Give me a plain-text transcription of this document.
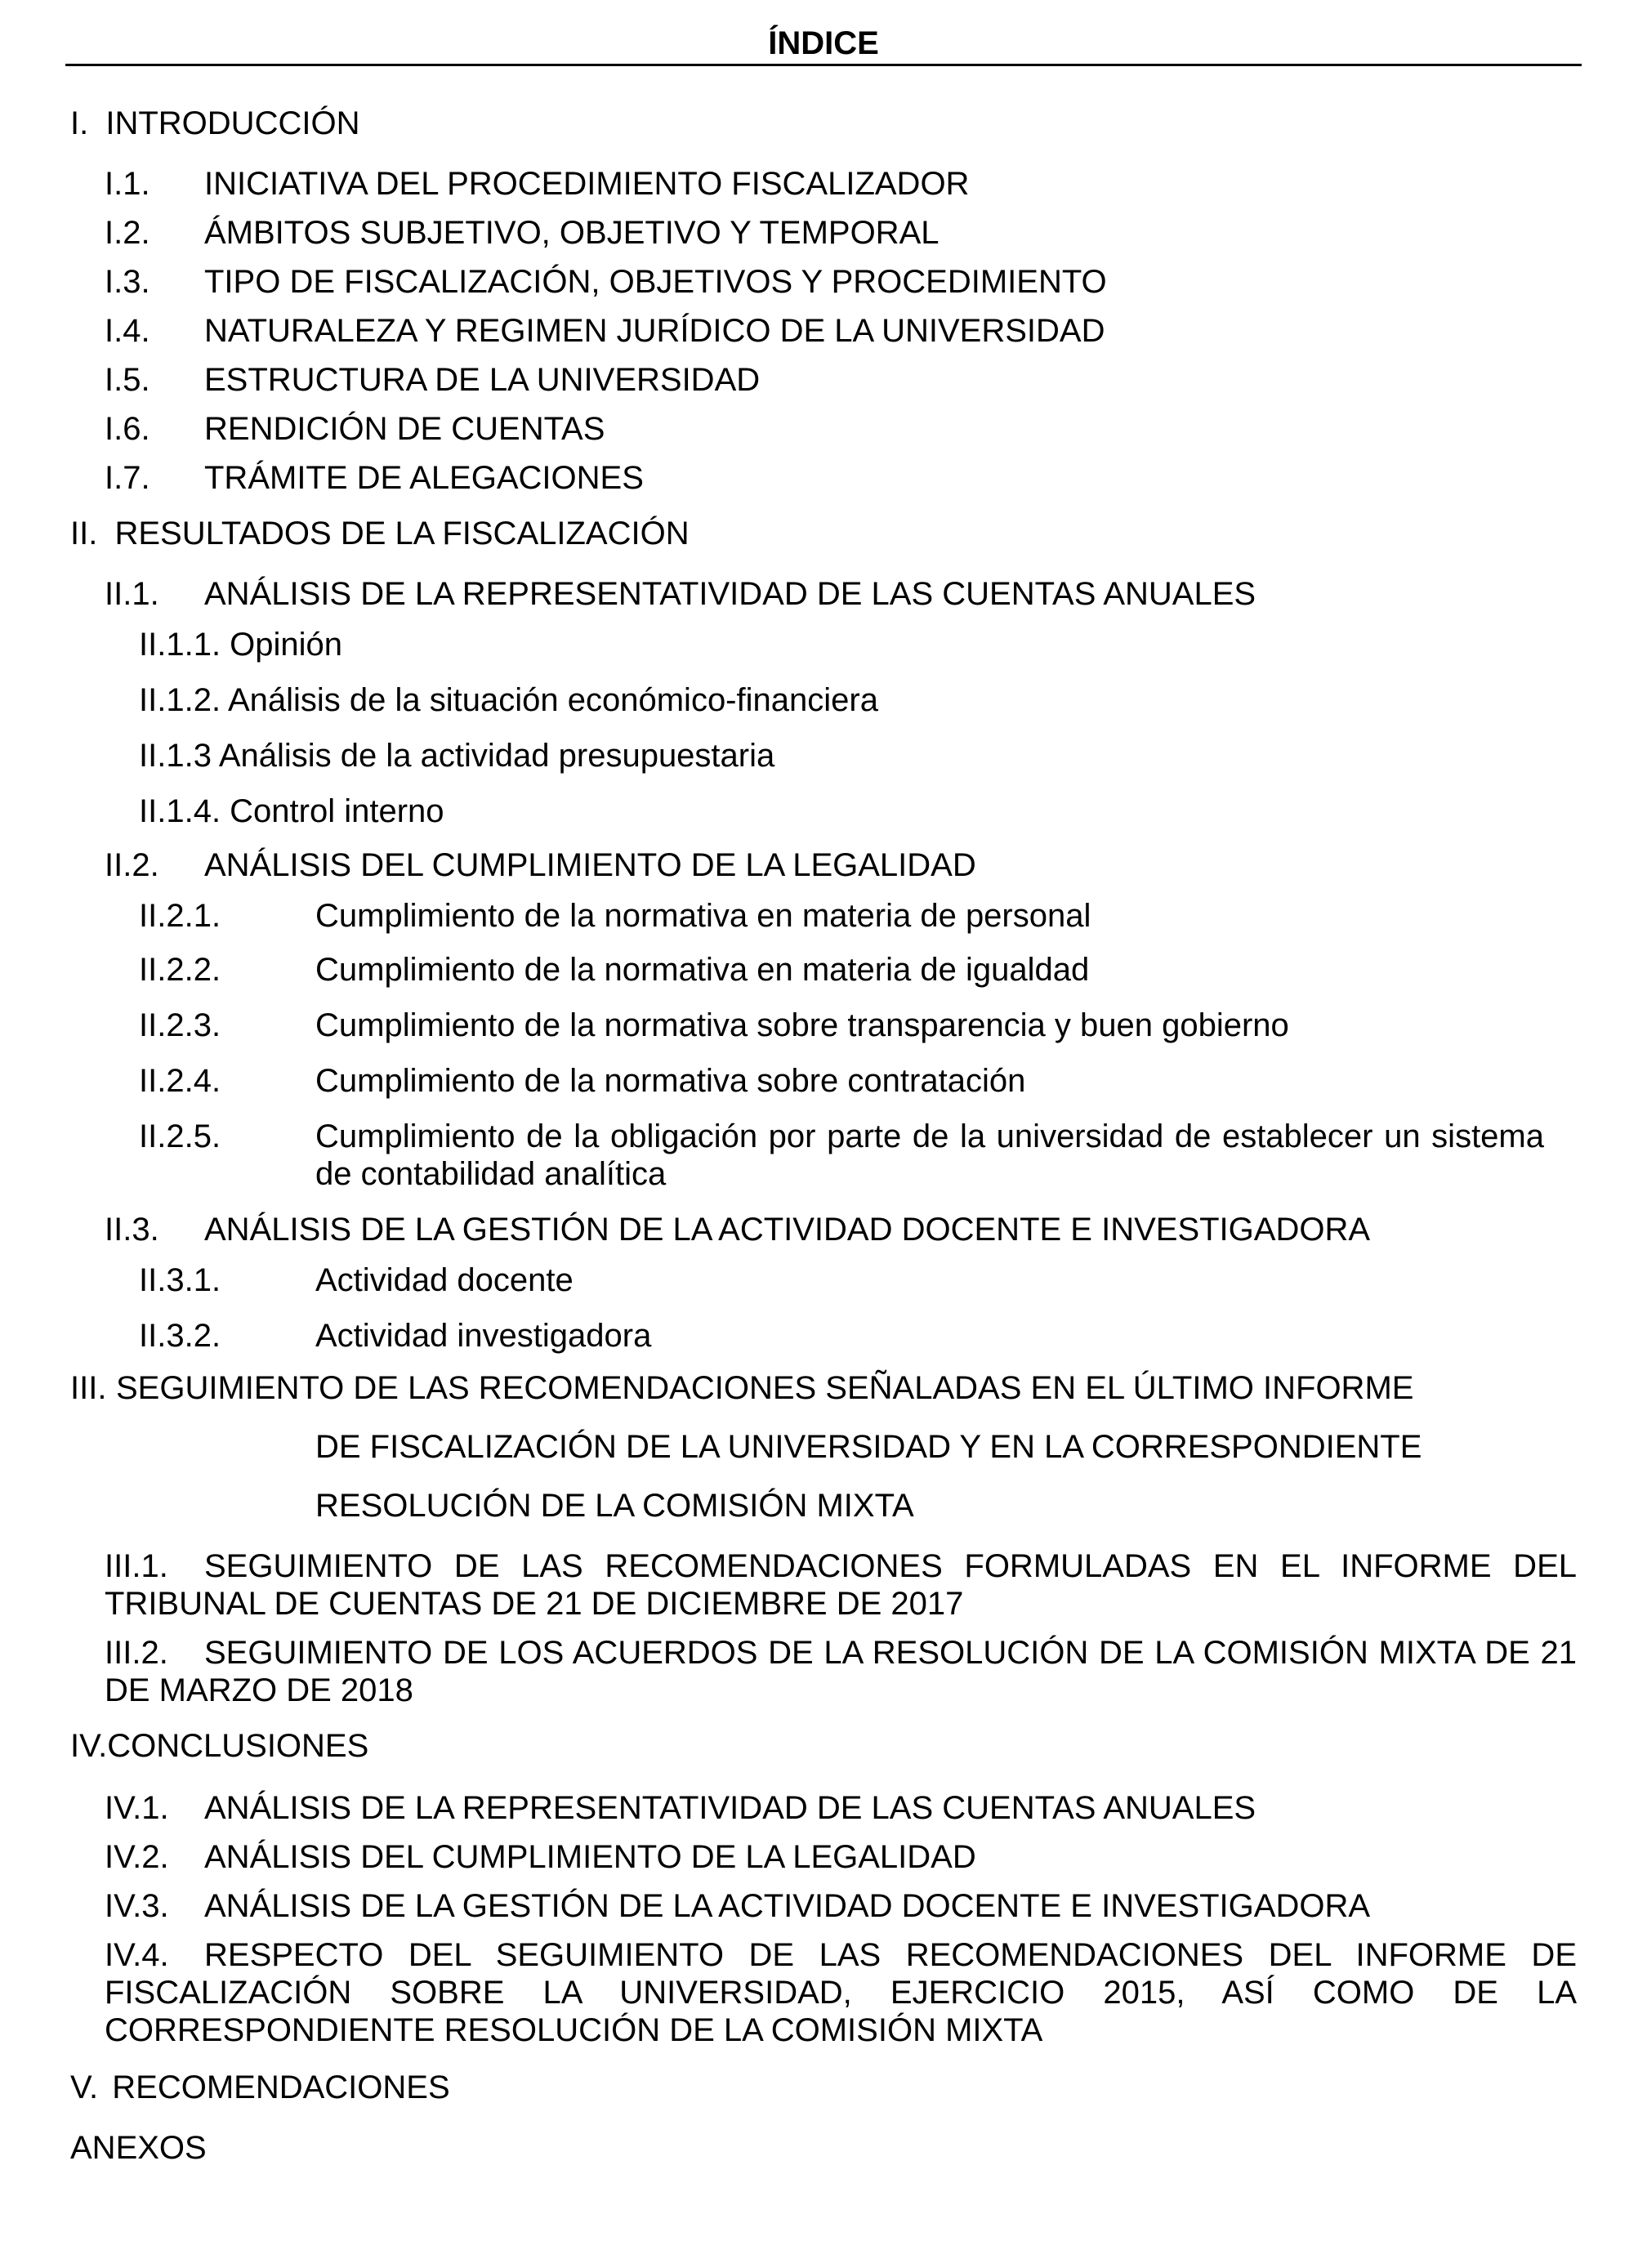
ÍNDICE
I. INTRODUCCIÓN
I.1. INICIATIVA DEL PROCEDIMIENTO FISCALIZADOR
I.2. ÁMBITOS SUBJETIVO, OBJETIVO Y TEMPORAL
I.3. TIPO DE FISCALIZACIÓN, OBJETIVOS Y PROCEDIMIENTO
I.4. NATURALEZA Y REGIMEN JURÍDICO DE LA UNIVERSIDAD
I.5. ESTRUCTURA DE LA UNIVERSIDAD
I.6. RENDICIÓN DE CUENTAS
I.7. TRÁMITE DE ALEGACIONES
II. RESULTADOS DE LA FISCALIZACIÓN
II.1. ANÁLISIS DE LA REPRESENTATIVIDAD DE LAS CUENTAS ANUALES
II.1.1. Opinión
II.1.2. Análisis de la situación económico-financiera
II.1.3 Análisis de la actividad presupuestaria
II.1.4. Control interno
II.2. ANÁLISIS DEL CUMPLIMIENTO DE LA LEGALIDAD
II.2.1.	Cumplimiento de la normativa en materia de personal
II.2.2.	Cumplimiento de la normativa en materia de igualdad
II.2.3.	Cumplimiento de la normativa sobre transparencia y buen gobierno
II.2.4.	Cumplimiento de la normativa sobre contratación
II.2.5.	Cumplimiento de la obligación por parte de la universidad de establecer un sistema de contabilidad analítica
II.3. ANÁLISIS DE LA GESTIÓN DE LA ACTIVIDAD DOCENTE E INVESTIGADORA
II.3.1.	Actividad docente
II.3.2.	Actividad investigadora
III. SEGUIMIENTO DE LAS RECOMENDACIONES SEÑALADAS EN EL ÚLTIMO INFORME
DE FISCALIZACIÓN DE LA UNIVERSIDAD Y EN LA CORRESPONDIENTE
RESOLUCIÓN DE LA COMISIÓN MIXTA
III.1. SEGUIMIENTO DE LAS RECOMENDACIONES FORMULADAS EN EL INFORME DEL TRIBUNAL DE CUENTAS DE 21 DE DICIEMBRE DE 2017
III.2. SEGUIMIENTO DE LOS ACUERDOS DE LA RESOLUCIÓN DE LA COMISIÓN MIXTA DE 21 DE MARZO DE 2018
IV.CONCLUSIONES
IV.1. ANÁLISIS DE LA REPRESENTATIVIDAD DE LAS CUENTAS ANUALES
IV.2. ANÁLISIS DEL CUMPLIMIENTO DE LA LEGALIDAD
IV.3. ANÁLISIS DE LA GESTIÓN DE LA ACTIVIDAD DOCENTE E INVESTIGADORA
IV.4. RESPECTO DEL SEGUIMIENTO DE LAS RECOMENDACIONES DEL INFORME DE FISCALIZACIÓN SOBRE LA UNIVERSIDAD, EJERCICIO 2015, ASÍ COMO DE LA CORRESPONDIENTE RESOLUCIÓN DE LA COMISIÓN MIXTA
V. RECOMENDACIONES
ANEXOS
